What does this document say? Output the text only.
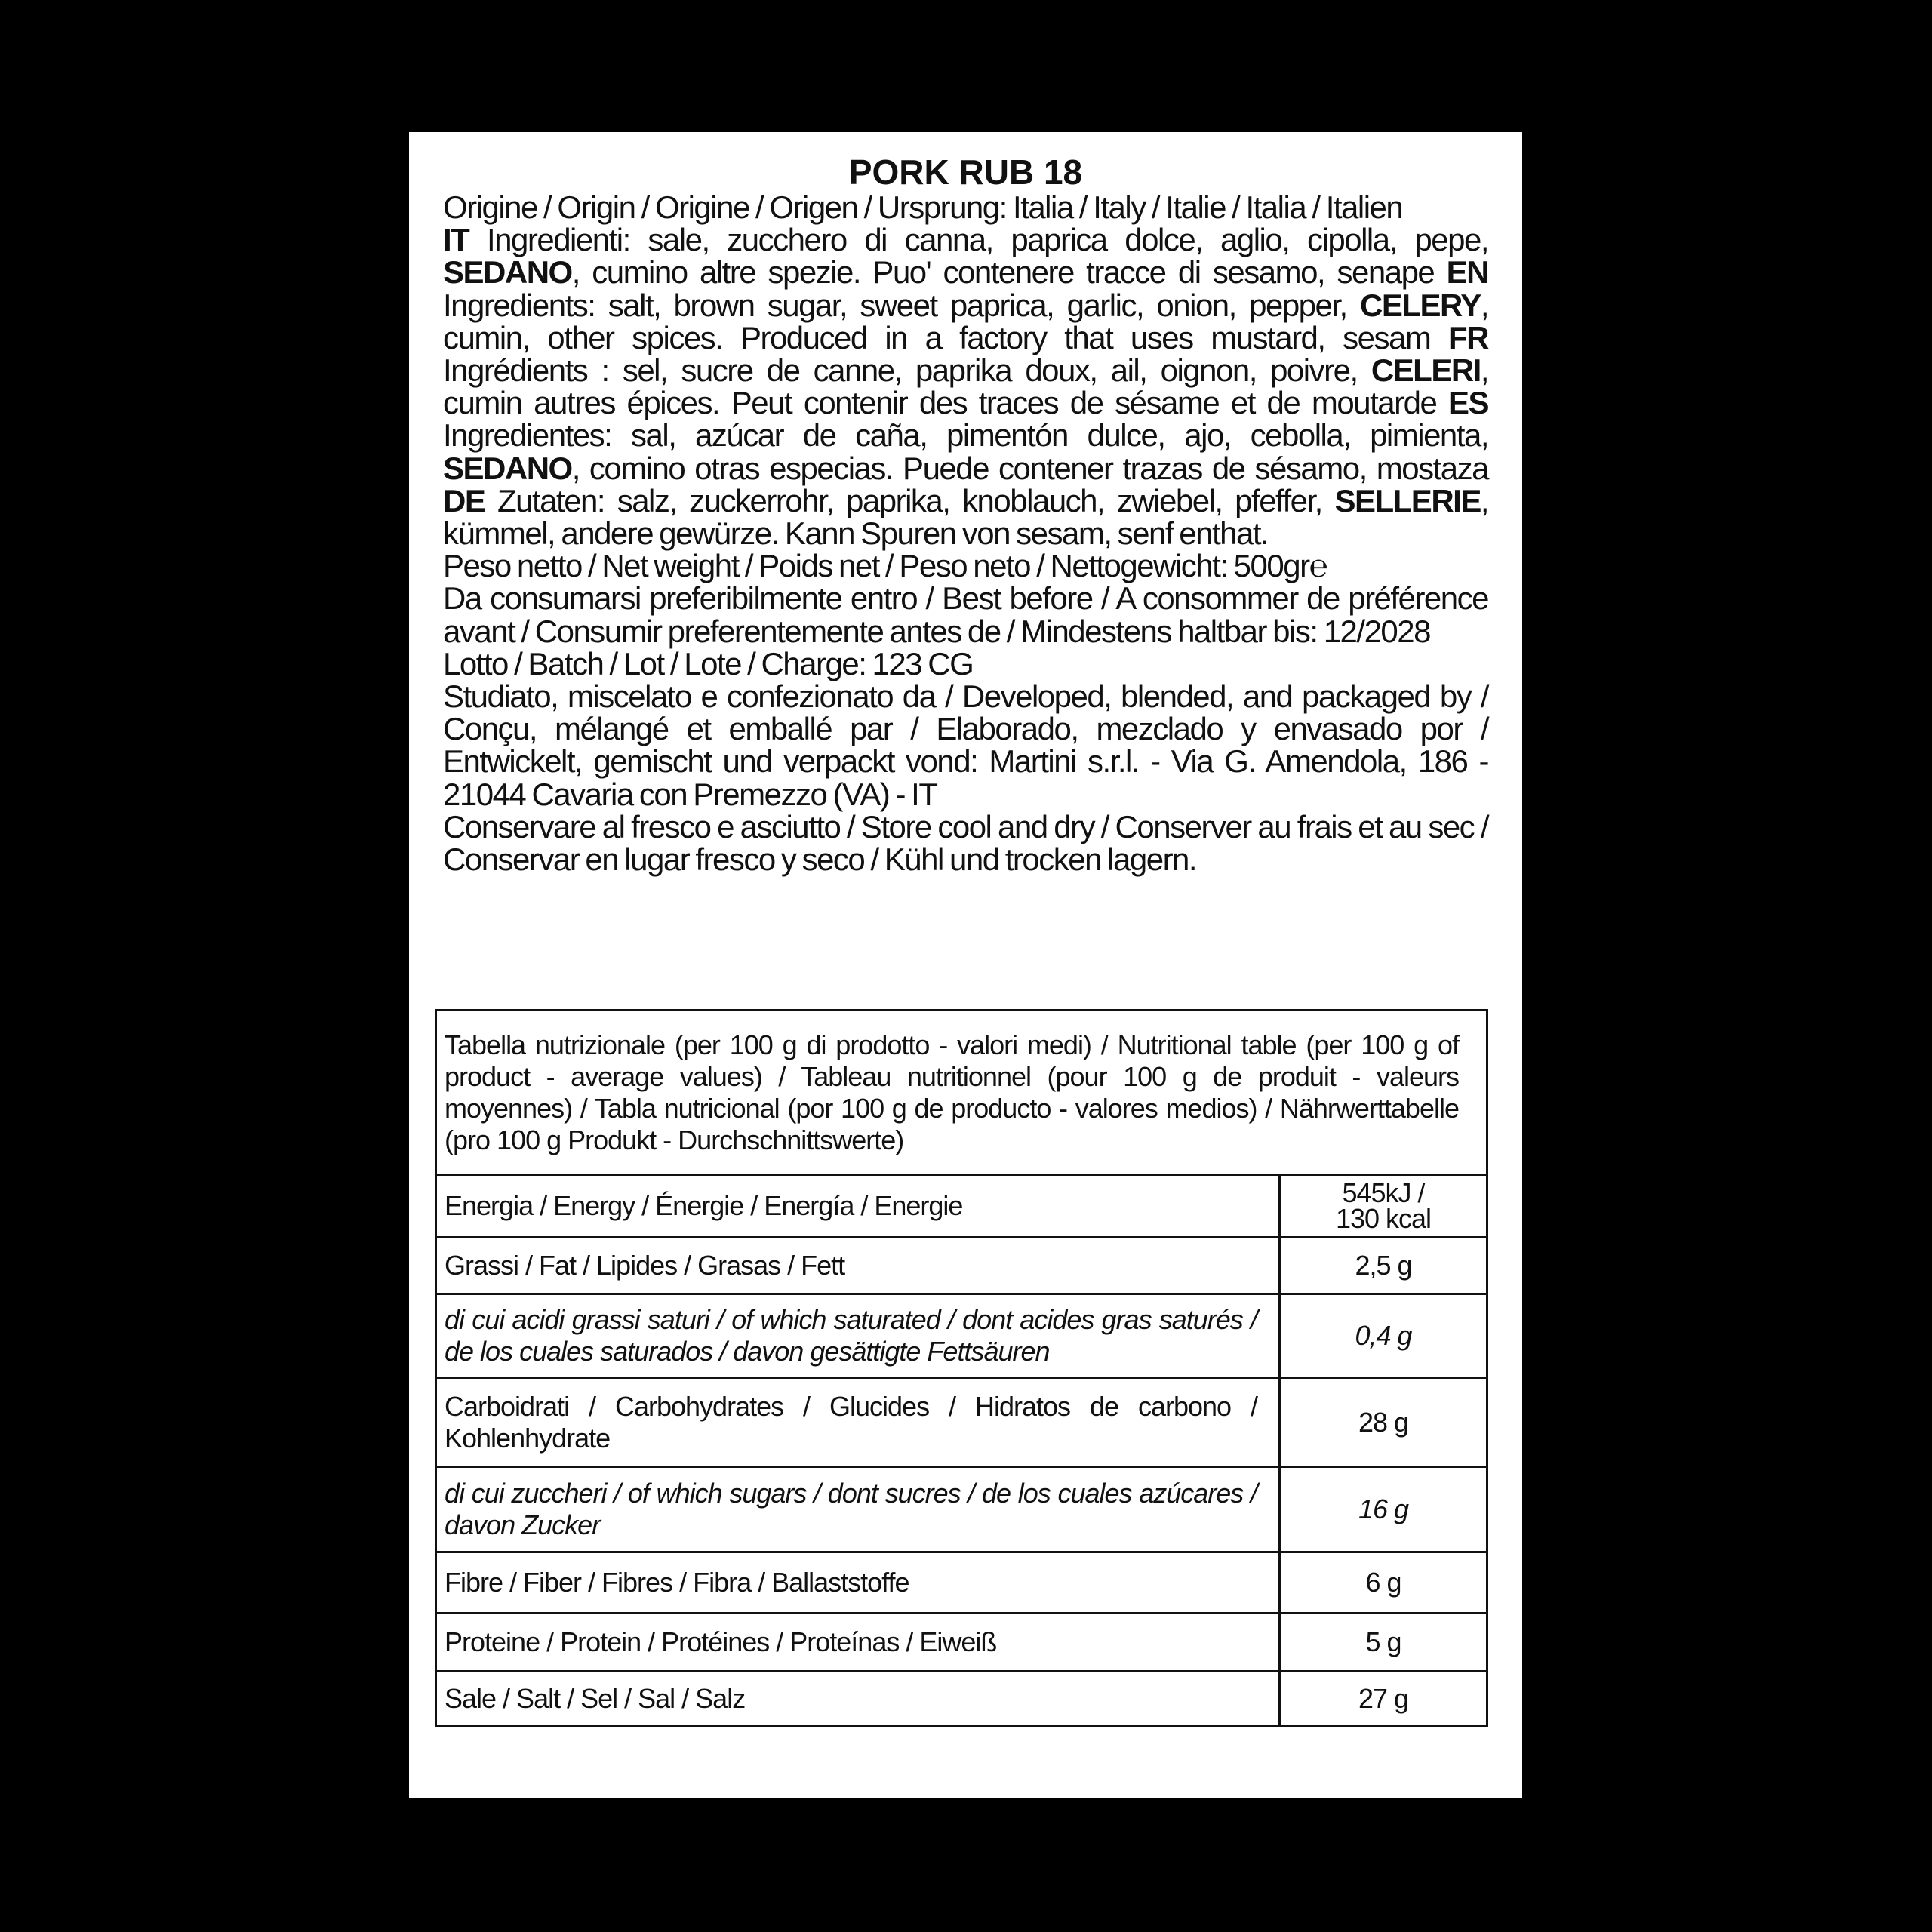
PORK RUB 18

Origine / Origin / Origine / Origen / Ursprung: Italia / Italy / Italie / Italia / Italien

IT Ingredienti: sale, zucchero di canna, paprica dolce, aglio, cipolla, pepe, SEDANO, cumino altre spezie. Puo' contenere tracce di sesamo, senape EN Ingredients: salt, brown sugar, sweet paprica, garlic, onion, pepper, CELERY, cumin, other spices. Produced in a factory that uses mustard, sesam FR Ingrédients : sel, sucre de canne, paprika doux, ail, oignon, poivre, CELERI, cumin autres épices. Peut contenir des traces de sésame et de moutarde ES Ingredientes: sal, azúcar de caña, pimentón dulce, ajo, cebolla, pimienta, SEDANO, comino otras especias. Puede contener trazas de sésamo, mostaza DE Zutaten: salz, zuckerrohr, paprika, knoblauch, zwiebel, pfeffer, SELLERIE, kümmel, andere gewürze. Kann Spuren von sesam, senf enthat.

Peso netto / Net weight / Poids net / Peso neto / Nettogewicht: 500gr℮

Da consumarsi preferibilmente entro / Best before / A consommer de préférence avant / Consumir preferentemente antes de / Mindestens haltbar bis: 12/2028

Lotto / Batch / Lot / Lote / Charge: 123 CG

Studiato, miscelato e confezionato da / Developed, blended, and packaged by / Conçu, mélangé et emballé par / Elaborado, mezclado y envasado por / Entwickelt, gemischt und verpackt vond: Martini s.r.l. - Via G. Amendola, 186 - 21044 Cavaria con Premezzo (VA) - IT

Conservare al fresco e asciutto / Store cool and dry / Conserver au frais et au sec / Conservar en lugar fresco y seco / Kühl und trocken lagern.

Tabella nutrizionale (per 100 g di prodotto - valori medi) / Nutritional table (per 100 g of product - average values) / Tableau nutritionnel (pour 100 g de produit - valeurs moyennes) / Tabla nutricional (por 100 g de producto - valores medios) / Nährwerttabelle (pro 100 g Produkt - Durchschnittswerte)	
Energia / Energy / Énergie / Energía / Energie	545kJ /
130 kcal
Grassi / Fat / Lipides / Grasas / Fett	2,5 g
di cui acidi grassi saturi / of which saturated / dont acides gras saturés / de los cuales saturados / davon gesättigte Fettsäuren	0,4 g
Carboidrati / Carbohydrates / Glucides / Hidratos de carbono / Kohlenhydrate	28 g
di cui zuccheri / of which sugars / dont sucres / de los cuales azúcares / davon Zucker	16 g
Fibre / Fiber / Fibres / Fibra / Ballaststoffe	6 g
Proteine / Protein / Protéines / Proteínas / Eiweiß	5 g
Sale / Salt / Sel / Sal / Salz	27 g
